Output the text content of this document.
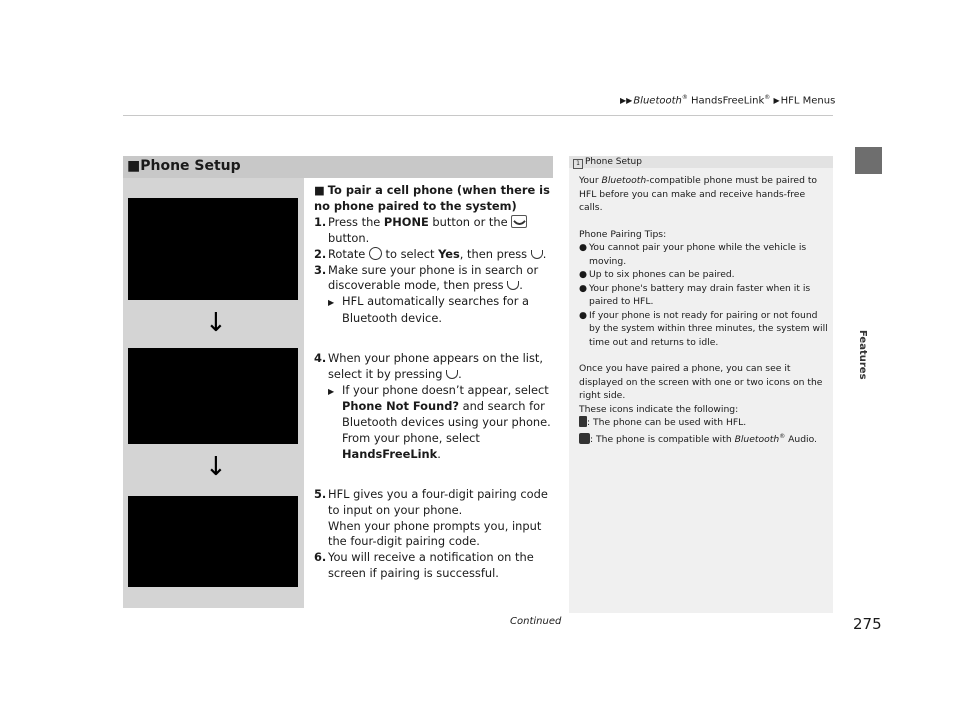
▶▶Bluetooth® HandsFreeLink® ▶HFL Menus
Features
■Phone Setup
↓
↓
■ To pair a cell phone (when there is no phone paired to the system)
1. Press the PHONE button or the  button.
2. Rotate  to select Yes, then press .
3. Make sure your phone is in search or discoverable mode, then press .
▶ HFL automatically searches for a Bluetooth device.
4. When your phone appears on the list, select it by pressing .
▶ If your phone doesn’t appear, select Phone Not Found? and search for Bluetooth devices using your phone. From your phone, select HandsFreeLink.
5. HFL gives you a four-digit pairing code to input on your phone.
When your phone prompts you, input the four-digit pairing code.
6. You will receive a notification on the screen if pairing is successful.
1 Phone Setup

Your Bluetooth-compatible phone must be paired to HFL before you can make and receive hands-free calls.

Phone Pairing Tips:

● You cannot pair your phone while the vehicle is moving.

● Up to six phones can be paired.

● Your phone's battery may drain faster when it is paired to HFL.

● If your phone is not ready for pairing or not found by the system within three minutes, the system will time out and returns to idle.

Once you have paired a phone, you can see it displayed on the screen with one or two icons on the right side.

These icons indicate the following:

: The phone can be used with HFL.

: The phone is compatible with Bluetooth® Audio.

Continued	275
